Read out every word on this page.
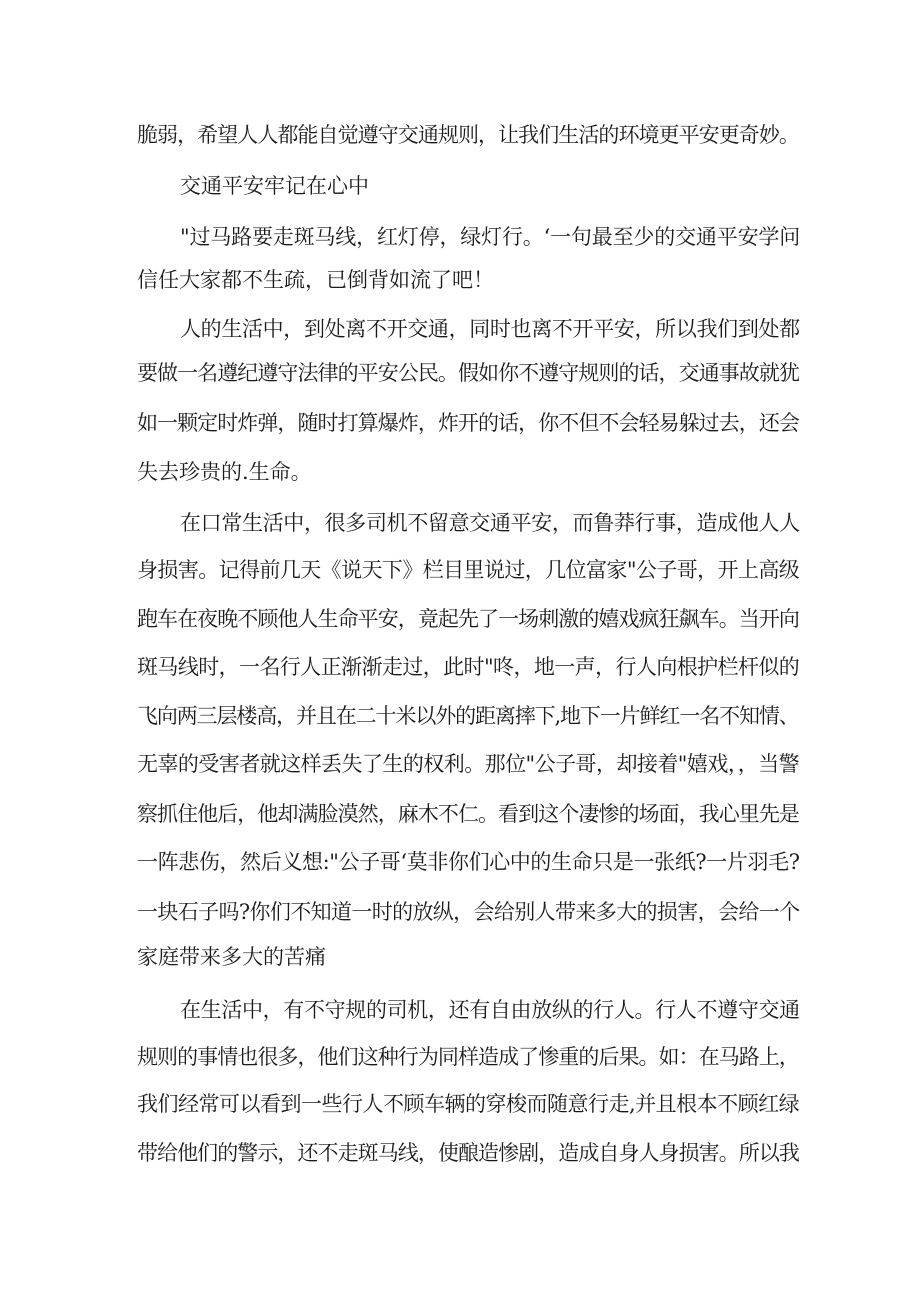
脆弱，希望人人都能自觉遵守交通规则，让我们生活的环境更平安更奇妙。
交通平安牢记在心中
"过马路要走斑马线，红灯停，绿灯行。‘一句最至少的交通平安学问
信任大家都不生疏，已倒背如流了吧！
人的生活中，到处离不开交通，同时也离不开平安，所以我们到处都
要做一名遵纪遵守法律的平安公民。假如你不遵守规则的话，交通事故就犹
如一颗定时炸弹，随时打算爆炸，炸开的话，你不但不会轻易躲过去，还会
失去珍贵的.生命。
在口常生活中，很多司机不留意交通平安，而鲁莽行事，造成他人人
身损害。记得前几天《说天下》栏目里说过，几位富家"公子哥，开上高级
跑车在夜晚不顾他人生命平安，竟起先了一场刺激的嬉戏疯狂飙车。当开向
斑马线时，一名行人正渐渐走过，此时"咚，地一声，行人向根护栏杆似的
飞向两三层楼高，并且在二十米以外的距离摔下,地下一片鲜红一名不知情、
无辜的受害者就这样丢失了生的权利。那位"公子哥，却接着"嬉戏，，当警
察抓住他后，他却满脸漠然，麻木不仁。看到这个凄惨的场面，我心里先是
一阵悲伤，然后义想:"公子哥‘莫非你们心中的生命只是一张纸?一片羽毛?
一块石子吗?你们不知道一时的放纵，会给别人带来多大的损害，会给一个
家庭带来多大的苦痛
在生活中，有不守规的司机，还有自由放纵的行人。行人不遵守交通
规则的事情也很多，他们这种行为同样造成了惨重的后果。如：在马路上，
我们经常可以看到一些行人不顾车辆的穿梭而随意行走,并且根本不顾红绿
带给他们的警示，还不走斑马线，使酿造惨剧，造成自身人身损害。所以我
